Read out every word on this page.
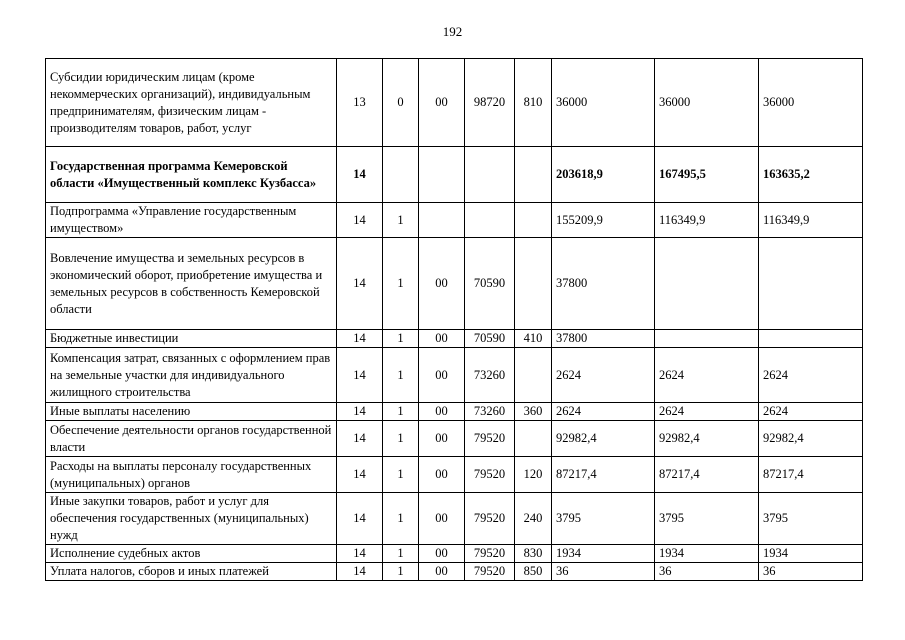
192
Субсидии юридическим лицам (кроме некоммерческих организаций), индивидуальным предпринимателям, физическим лицам - производителям товаров, работ, услуг	13	0	00	98720	810	36000	36000	36000
Государственная программа Кемеровской области «Имущественный комплекс Кузбасса»	14					203618,9	167495,5	163635,2
Подпрограмма «Управление государственным имуществом»	14	1				155209,9	116349,9	116349,9
Вовлечение имущества и земельных ресурсов в экономический оборот, приобретение имущества и земельных ресурсов в собственность Кемеровской области	14	1	00	70590		37800		
Бюджетные инвестиции	14	1	00	70590	410	37800		
Компенсация затрат, связанных с оформлением прав на земельные участки для индивидуального жилищного строительства	14	1	00	73260		2624	2624	2624
Иные выплаты населению	14	1	00	73260	360	2624	2624	2624
Обеспечение деятельности органов государственной власти	14	1	00	79520		92982,4	92982,4	92982,4
Расходы на выплаты персоналу государственных (муниципальных) органов	14	1	00	79520	120	87217,4	87217,4	87217,4
Иные закупки товаров, работ и услуг для обеспечения государственных (муниципальных) нужд	14	1	00	79520	240	3795	3795	3795
Исполнение судебных актов	14	1	00	79520	830	1934	1934	1934
Уплата налогов, сборов и иных платежей	14	1	00	79520	850	36	36	36
